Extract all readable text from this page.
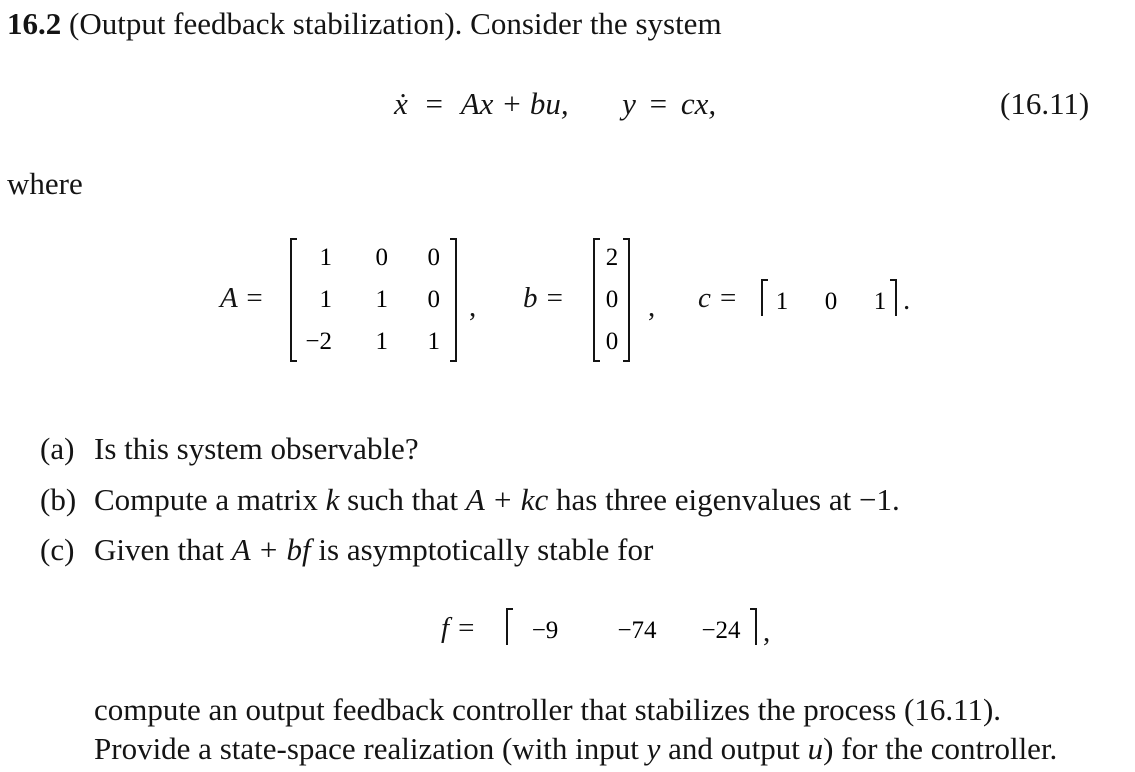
16.2 (Output feedback stabilization). Consider the system
ẋ = Ax + bu, y = cx,	(16.11)
where
A =
1 0 0
1 1 0
−2 1 1
, b =
2
0
0
, c = 1 0 1 .
(a) Is this system observable?
(b) Compute a matrix k such that A + kc has three eigenvalues at −1.
(c) Given that A + bf is asymptotically stable for
f = −9 −74 −24 ,
compute an output feedback controller that stabilizes the process (16.11).
Provide a state-space realization (with input y and output u) for the controller.
